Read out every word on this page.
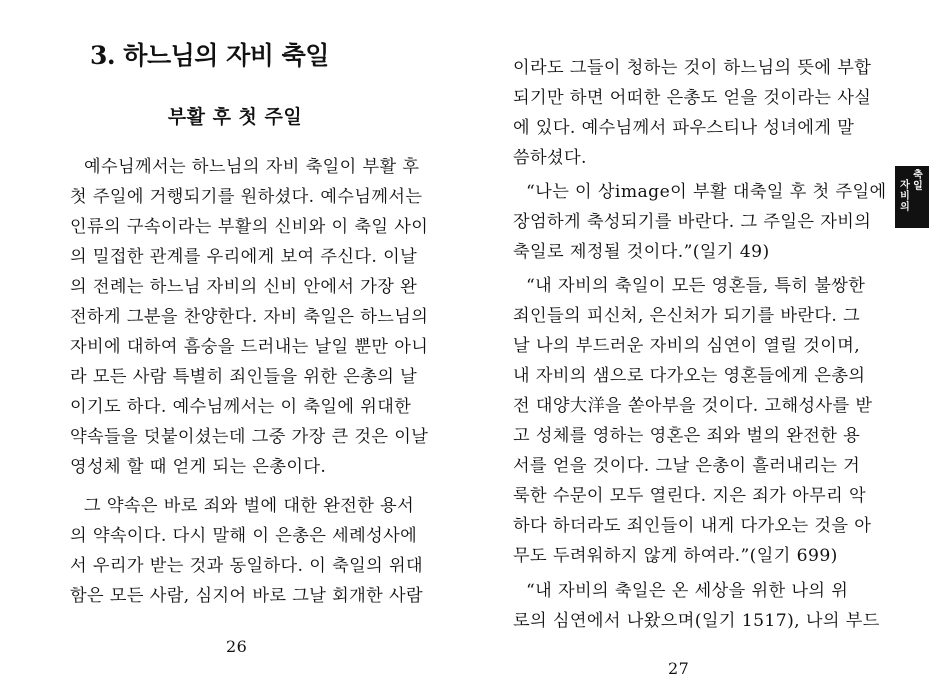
3. 하느님의 자비 축일
부활 후 첫 주일
예수님께서는 하느님의 자비 축일이 부활 후
첫 주일에 거행되기를 원하셨다. 예수님께서는
인류의 구속이라는 부활의 신비와 이 축일 사이
의 밀접한 관계를 우리에게 보여 주신다. 이날
의 전례는 하느님 자비의 신비 안에서 가장 완
전하게 그분을 찬양한다. 자비 축일은 하느님의
자비에 대하여 흠숭을 드러내는 날일 뿐만 아니
라 모든 사람 특별히 죄인들을 위한 은총의 날
이기도 하다. 예수님께서는 이 축일에 위대한
약속들을 덧붙이셨는데 그중 가장 큰 것은 이날
영성체 할 때 얻게 되는 은총이다.
그 약속은 바로 죄와 벌에 대한 완전한 용서
의 약속이다. 다시 말해 이 은총은 세례성사에
서 우리가 받는 것과 동일하다. 이 축일의 위대
함은 모든 사람, 심지어 바로 그날 회개한 사람
26
이라도 그들이 청하는 것이 하느님의 뜻에 부합
되기만 하면 어떠한 은총도 얻을 것이라는 사실
에 있다. 예수님께서 파우스티나 성녀에게 말
씀하셨다.
“나는 이 상image이 부활 대축일 후 첫 주일에
장엄하게 축성되기를 바란다. 그 주일은 자비의
축일로 제정될 것이다.”(일기 49)
“내 자비의 축일이 모든 영혼들, 특히 불쌍한
죄인들의 피신처, 은신처가 되기를 바란다. 그
날 나의 부드러운 자비의 심연이 열릴 것이며,
내 자비의 샘으로 다가오는 영혼들에게 은총의
전 대양大洋을 쏟아부을 것이다. 고해성사를 받
고 성체를 영하는 영혼은 죄와 벌의 완전한 용
서를 얻을 것이다. 그날 은총이 흘러내리는 거
룩한 수문이 모두 열린다. 지은 죄가 아무리 악
하다 하더라도 죄인들이 내게 다가오는 것을 아
무도 두려워하지 않게 하여라.”(일기 699)
“내 자비의 축일은 온 세상을 위한 나의 위
로의 심연에서 나왔으며(일기 1517), 나의 부드
27
축
일
자
비
의
